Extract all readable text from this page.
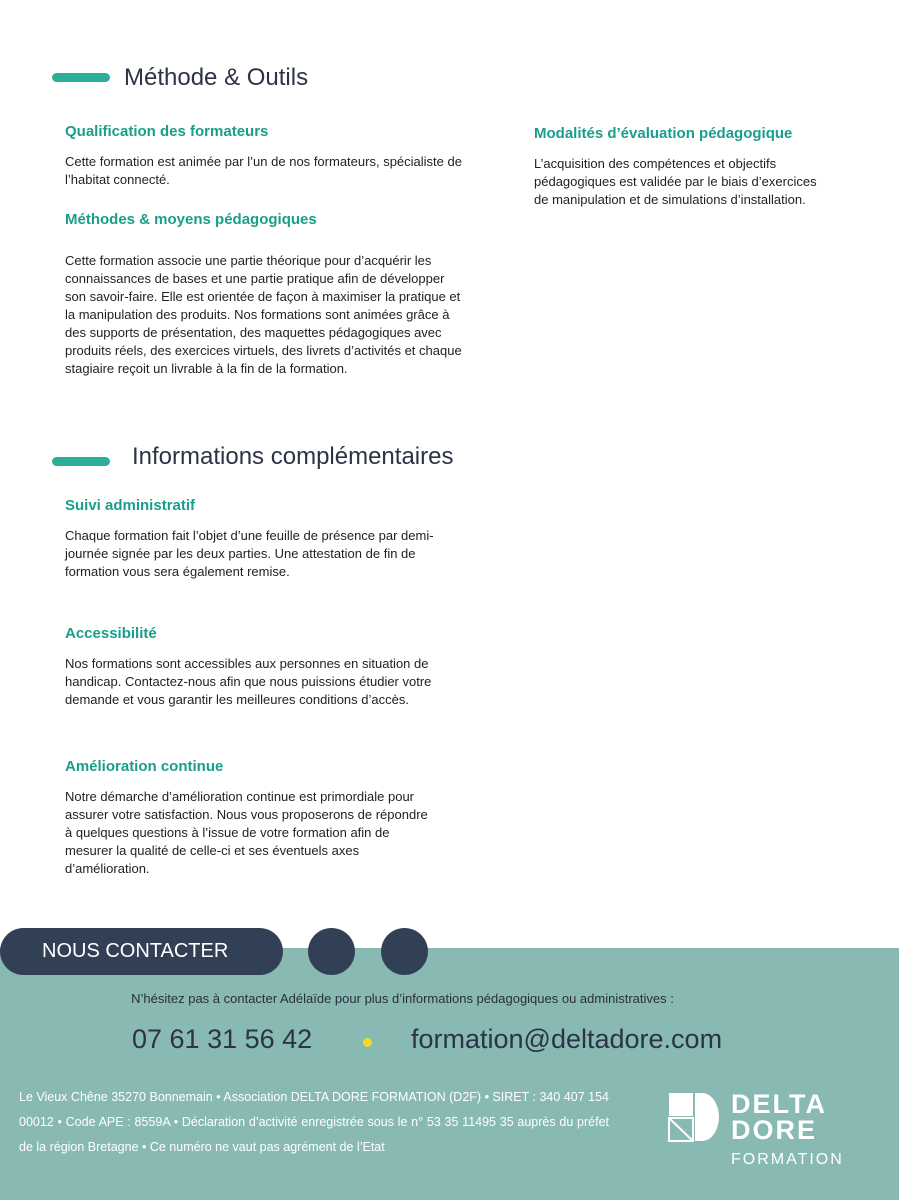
Méthode & Outils
Qualification des formateurs

Cette formation est animée par l’un de nos formateurs, spécialiste de l’habitat connecté.

Méthodes & moyens pédagogiques

Cette formation associe une partie théorique pour d’acquérir les connaissances de bases et une partie pratique afin de développer son savoir-faire. Elle est orientée de façon à maximiser la pratique et la manipulation des produits. Nos formations sont animées grâce à des supports de présentation, des maquettes pédagogiques avec produits réels, des exercices virtuels, des livrets d’activités et chaque stagiaire reçoit un livrable à la fin de la formation.

Modalités d’évaluation pédagogique

L’acquisition des compétences et objectifs pédagogiques est validée par le biais d’exercices de manipulation et de simulations d’installation.

Informations complémentaires
Suivi administratif

Chaque formation fait l’objet d’une feuille de présence par demi-journée signée par les deux parties. Une attestation de fin de formation vous sera également remise.

Accessibilité

Nos formations sont accessibles aux personnes en situation de handicap. Contactez-nous afin que nous puissions étudier votre demande et vous garantir les meilleures conditions d’accès.

Amélioration continue

Notre démarche d’amélioration continue est primordiale pour assurer votre satisfaction. Nous vous proposerons de répondre à quelques questions à l’issue de votre formation afin de mesurer la qualité de celle-ci et ses éventuels axes d’amélioration.

NOUS CONTACTER

N’hésitez pas à contacter Adélaïde pour plus d’informations pédagogiques ou administratives :

07 61 31 56 42	formation@deltadore.com

Le Vieux Chêne 35270 Bonnemain • Association DELTA DORE FORMATION (D2F) • SIRET : 340 407 154 00012 • Code APE : 8559A • Déclaration d’activité enregistrée sous le n° 53 35 11495 35 auprès du préfet de la région Bretagne • Ce numéro ne vaut pas agrément de l’Etat

DELTA
DORE
FORMATION
